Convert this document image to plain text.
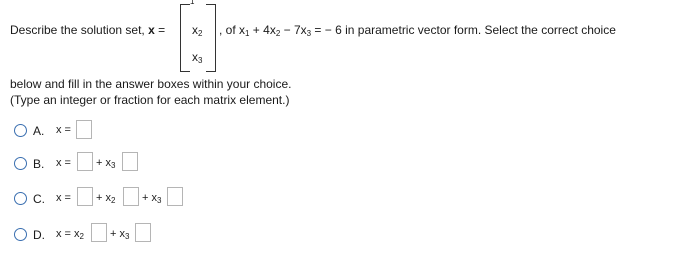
Describe the solution set, x =
$_1$
$x_2$
$x_3$
, of $x_1 + 4x_2 - 7x_3$ = − 6 in parametric vector form. Select the correct choice
below and fill in the answer boxes within your choice.
(Type an integer or fraction for each matrix element.)
A. x =
B. x = + $x_3$
C. x = + $x_2 + x_3$
D. $x = x_2 + x_3$
